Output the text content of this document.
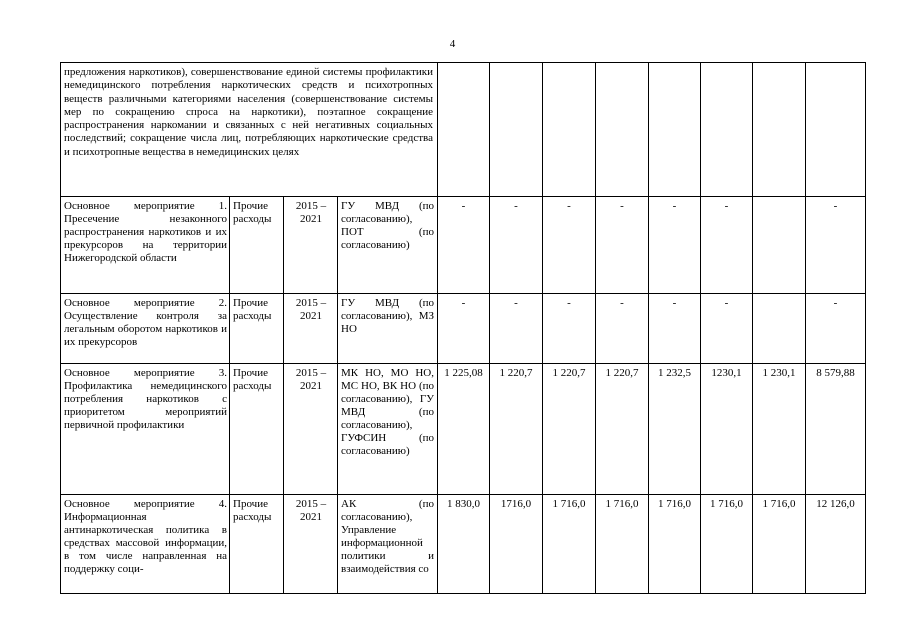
4
предложения наркотиков), совершенствование единой системы профилактики немедицинского потребления наркотических средств и психотропных веществ различными категориями населения (совершенствование системы мер по сокращению спроса на наркотики), поэтапное сокращение распространения наркомании и связанных с ней негативных социальных последствий; сокращение числа лиц, потребляющих наркотические средства и психотропные вещества в немедицинских целях											
Основное мероприятие 1. Пресечение незаконного распространения наркотиков и их прекурсоров на территории Нижегородской области	Прочие расходы	2015 – 2021	ГУ МВД (по согласованию), ПОТ (по согласованию)	-	-	-	-	-	-		-
Основное мероприятие 2. Осуществление контроля за легальным оборотом наркотиков и их прекурсоров	Прочие расходы	2015 – 2021	ГУ МВД (по согласованию), МЗ НО	-	-	-	-	-	-		-
Основное мероприятие 3. Профилактика немедицинского потребления наркотиков с приоритетом мероприятий первичной профилактики	Прочие расходы	2015 – 2021	МК НО, МО НО, МС НО, ВК НО (по согласованию), ГУ МВД (по согласованию), ГУФСИН (по согласованию)	1 225,08	1 220,7	1 220,7	1 220,7	1 232,5	1230,1	1 230,1	8 579,88
Основное мероприятие 4. Информационная антинаркотическая политика в средствах массовой информации, в том числе направленная на поддержку соци-	Прочие расходы	2015 – 2021	АК (по согласованию), Управление информационной политики и взаимодействия со	1 830,0	1716,0	1 716,0	1 716,0	1 716,0	1 716,0	1 716,0	12 126,0
